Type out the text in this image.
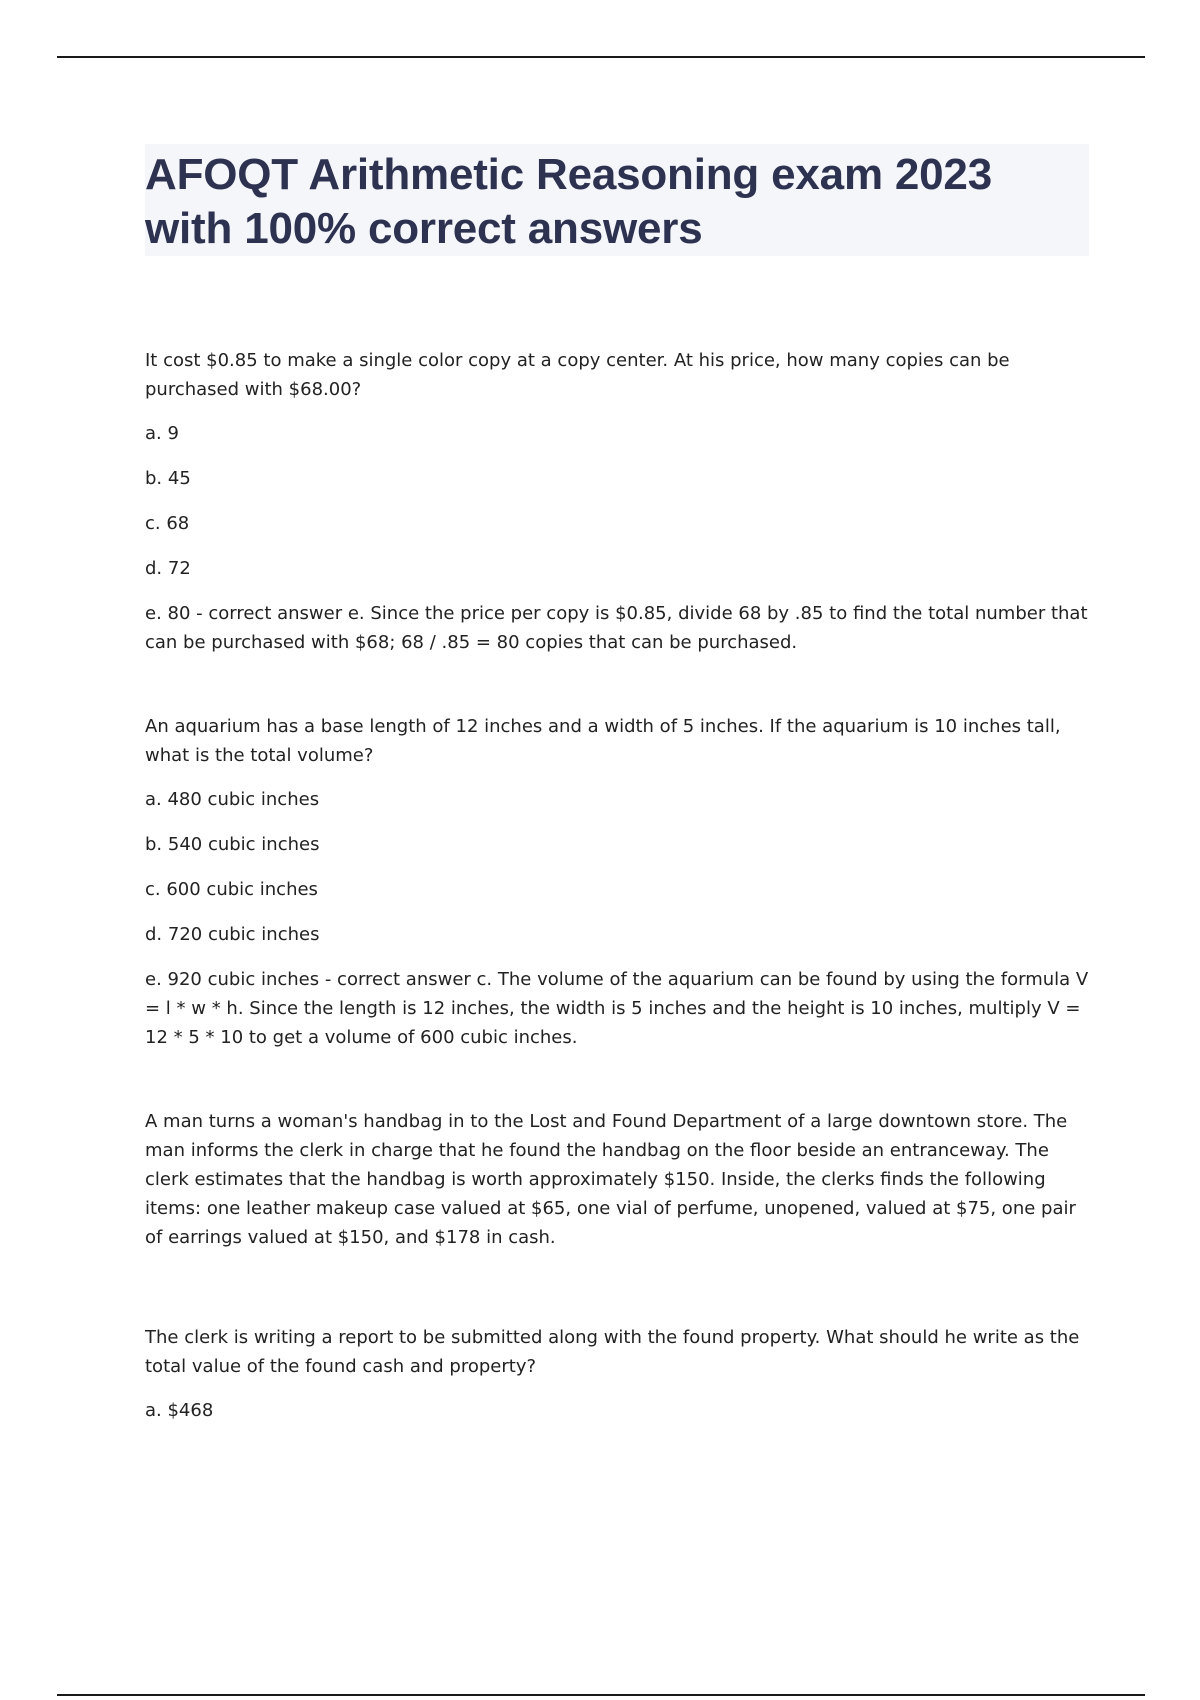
AFOQT Arithmetic Reasoning exam 2023
with 100% correct answers

It cost $0.85 to make a single color copy at a copy center. At his price, how many copies can be purchased with $68.00?

a. 9

b. 45

c. 68

d. 72

e. 80 - correct answer e. Since the price per copy is $0.85, divide 68 by .85 to find the total number that can be purchased with $68; 68 / .85 = 80 copies that can be purchased.

An aquarium has a base length of 12 inches and a width of 5 inches. If the aquarium is 10 inches tall, what is the total volume?

a. 480 cubic inches

b. 540 cubic inches

c. 600 cubic inches

d. 720 cubic inches

e. 920 cubic inches - correct answer c. The volume of the aquarium can be found by using the formula V = l * w * h. Since the length is 12 inches, the width is 5 inches and the height is 10 inches, multiply V = 12 * 5 * 10 to get a volume of 600 cubic inches.

A man turns a woman's handbag in to the Lost and Found Department of a large downtown store. The man informs the clerk in charge that he found the handbag on the floor beside an entranceway. The clerk estimates that the handbag is worth approximately $150. Inside, the clerks finds the following items: one leather makeup case valued at $65, one vial of perfume, unopened, valued at $75, one pair of earrings valued at $150, and $178 in cash.

The clerk is writing a report to be submitted along with the found property. What should he write as the total value of the found cash and property?

a. $468
